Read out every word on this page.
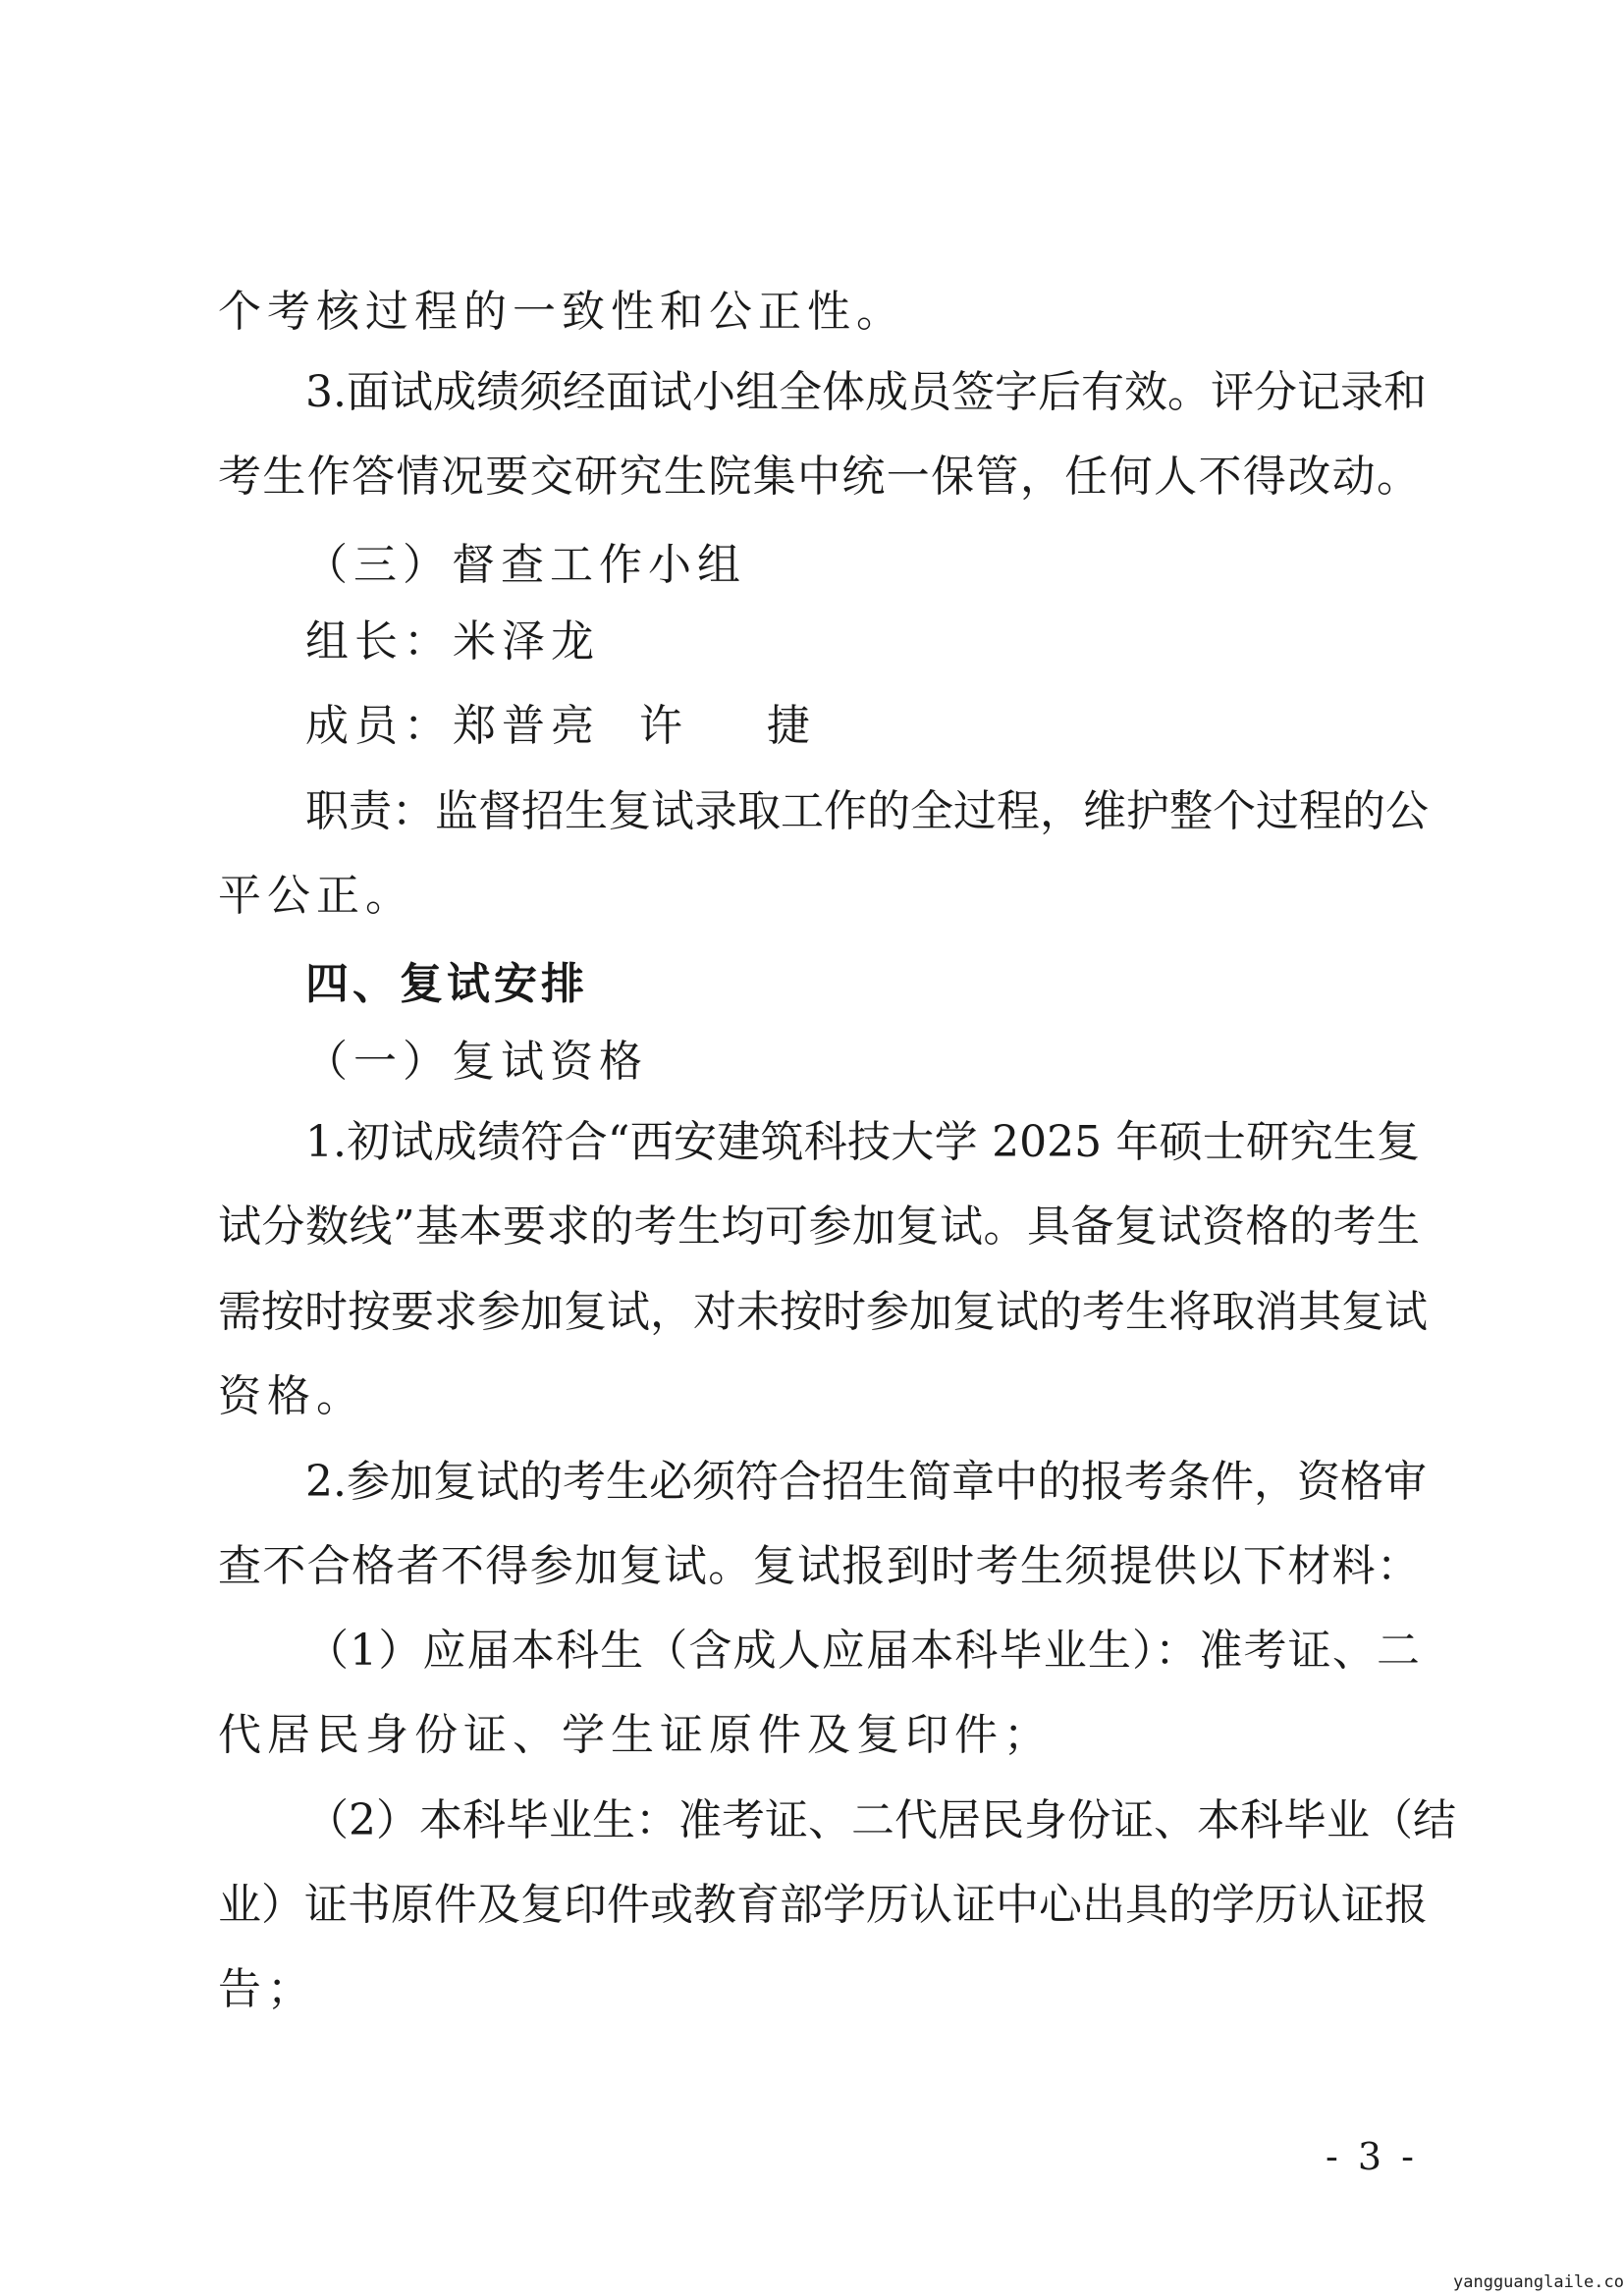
个考核过程的一致性和公正性。
3.面试成绩须经面试小组全体成员签字后有效。评分记录和
考生作答情况要交研究生院集中统一保管，任何人不得改动。
（三）督查工作小组
组长：米泽龙
成员：郑普亮  许    捷
职责：监督招生复试录取工作的全过程，维护整个过程的公
平公正。
四、复试安排
（一）复试资格
1.初试成绩符合“西安建筑科技大学 2025 年硕士研究生复
试分数线”基本要求的考生均可参加复试。具备复试资格的考生
需按时按要求参加复试，对未按时参加复试的考生将取消其复试
资格。
2.参加复试的考生必须符合招生简章中的报考条件，资格审
查不合格者不得参加复试。复试报到时考生须提供以下材料：
（1）应届本科生（含成人应届本科毕业生）：准考证、二
代居民身份证、学生证原件及复印件；
（2）本科毕业生：准考证、二代居民身份证、本科毕业（结
业）证书原件及复印件或教育部学历认证中心出具的学历认证报
告；
- 3 -
yangguanglaile.co
